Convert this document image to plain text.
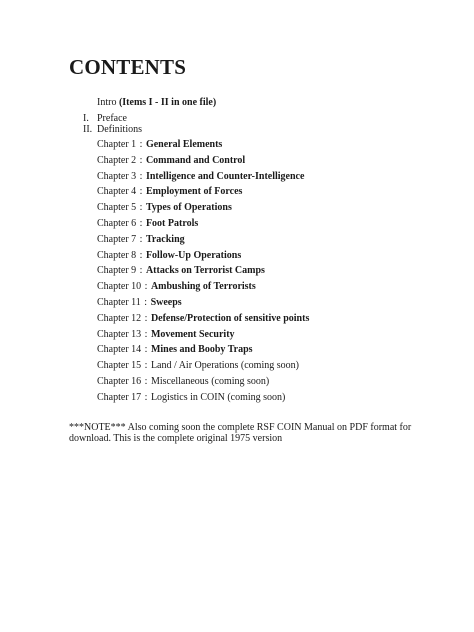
CONTENTS
Intro (Items I - II in one file)
I. Preface
II. Definitions
Chapter 1 : General Elements
Chapter 2 : Command and Control
Chapter 3 : Intelligence and Counter-Intelligence
Chapter 4 : Employment of Forces
Chapter 5 : Types of Operations
Chapter 6 : Foot Patrols
Chapter 7 : Tracking
Chapter 8 : Follow-Up Operations
Chapter 9 : Attacks on Terrorist Camps
Chapter 10 : Ambushing of Terrorists
Chapter 11 : Sweeps
Chapter 12 : Defense/Protection of sensitive points
Chapter 13 : Movement Security
Chapter 14 : Mines and Booby Traps
Chapter 15 : Land / Air Operations (coming soon)
Chapter 16 : Miscellaneous (coming soon)
Chapter 17 : Logistics in COIN (coming soon)
***NOTE*** Also coming soon the complete RSF COIN Manual on PDF format for download. This is the complete original 1975 version
